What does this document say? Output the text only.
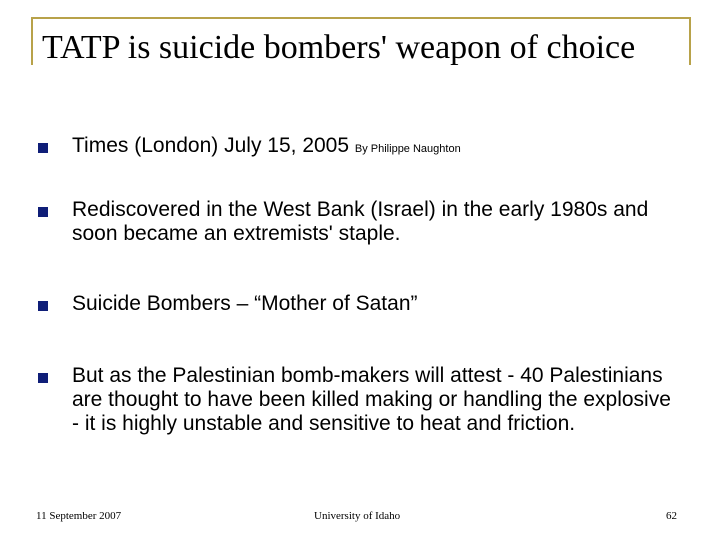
TATP is suicide bombers' weapon of choice

Times (London) July 15, 2005 By Philippe Naughton

Rediscovered in the West Bank (Israel) in the early 1980s and soon became an extremists' staple.

Suicide Bombers – “Mother of Satan”

But as the Palestinian bomb-makers will attest - 40 Palestinians are thought to have been killed making or handling the explosive - it is highly unstable and sensitive to heat and friction.

11 September 2007	University of Idaho	62
